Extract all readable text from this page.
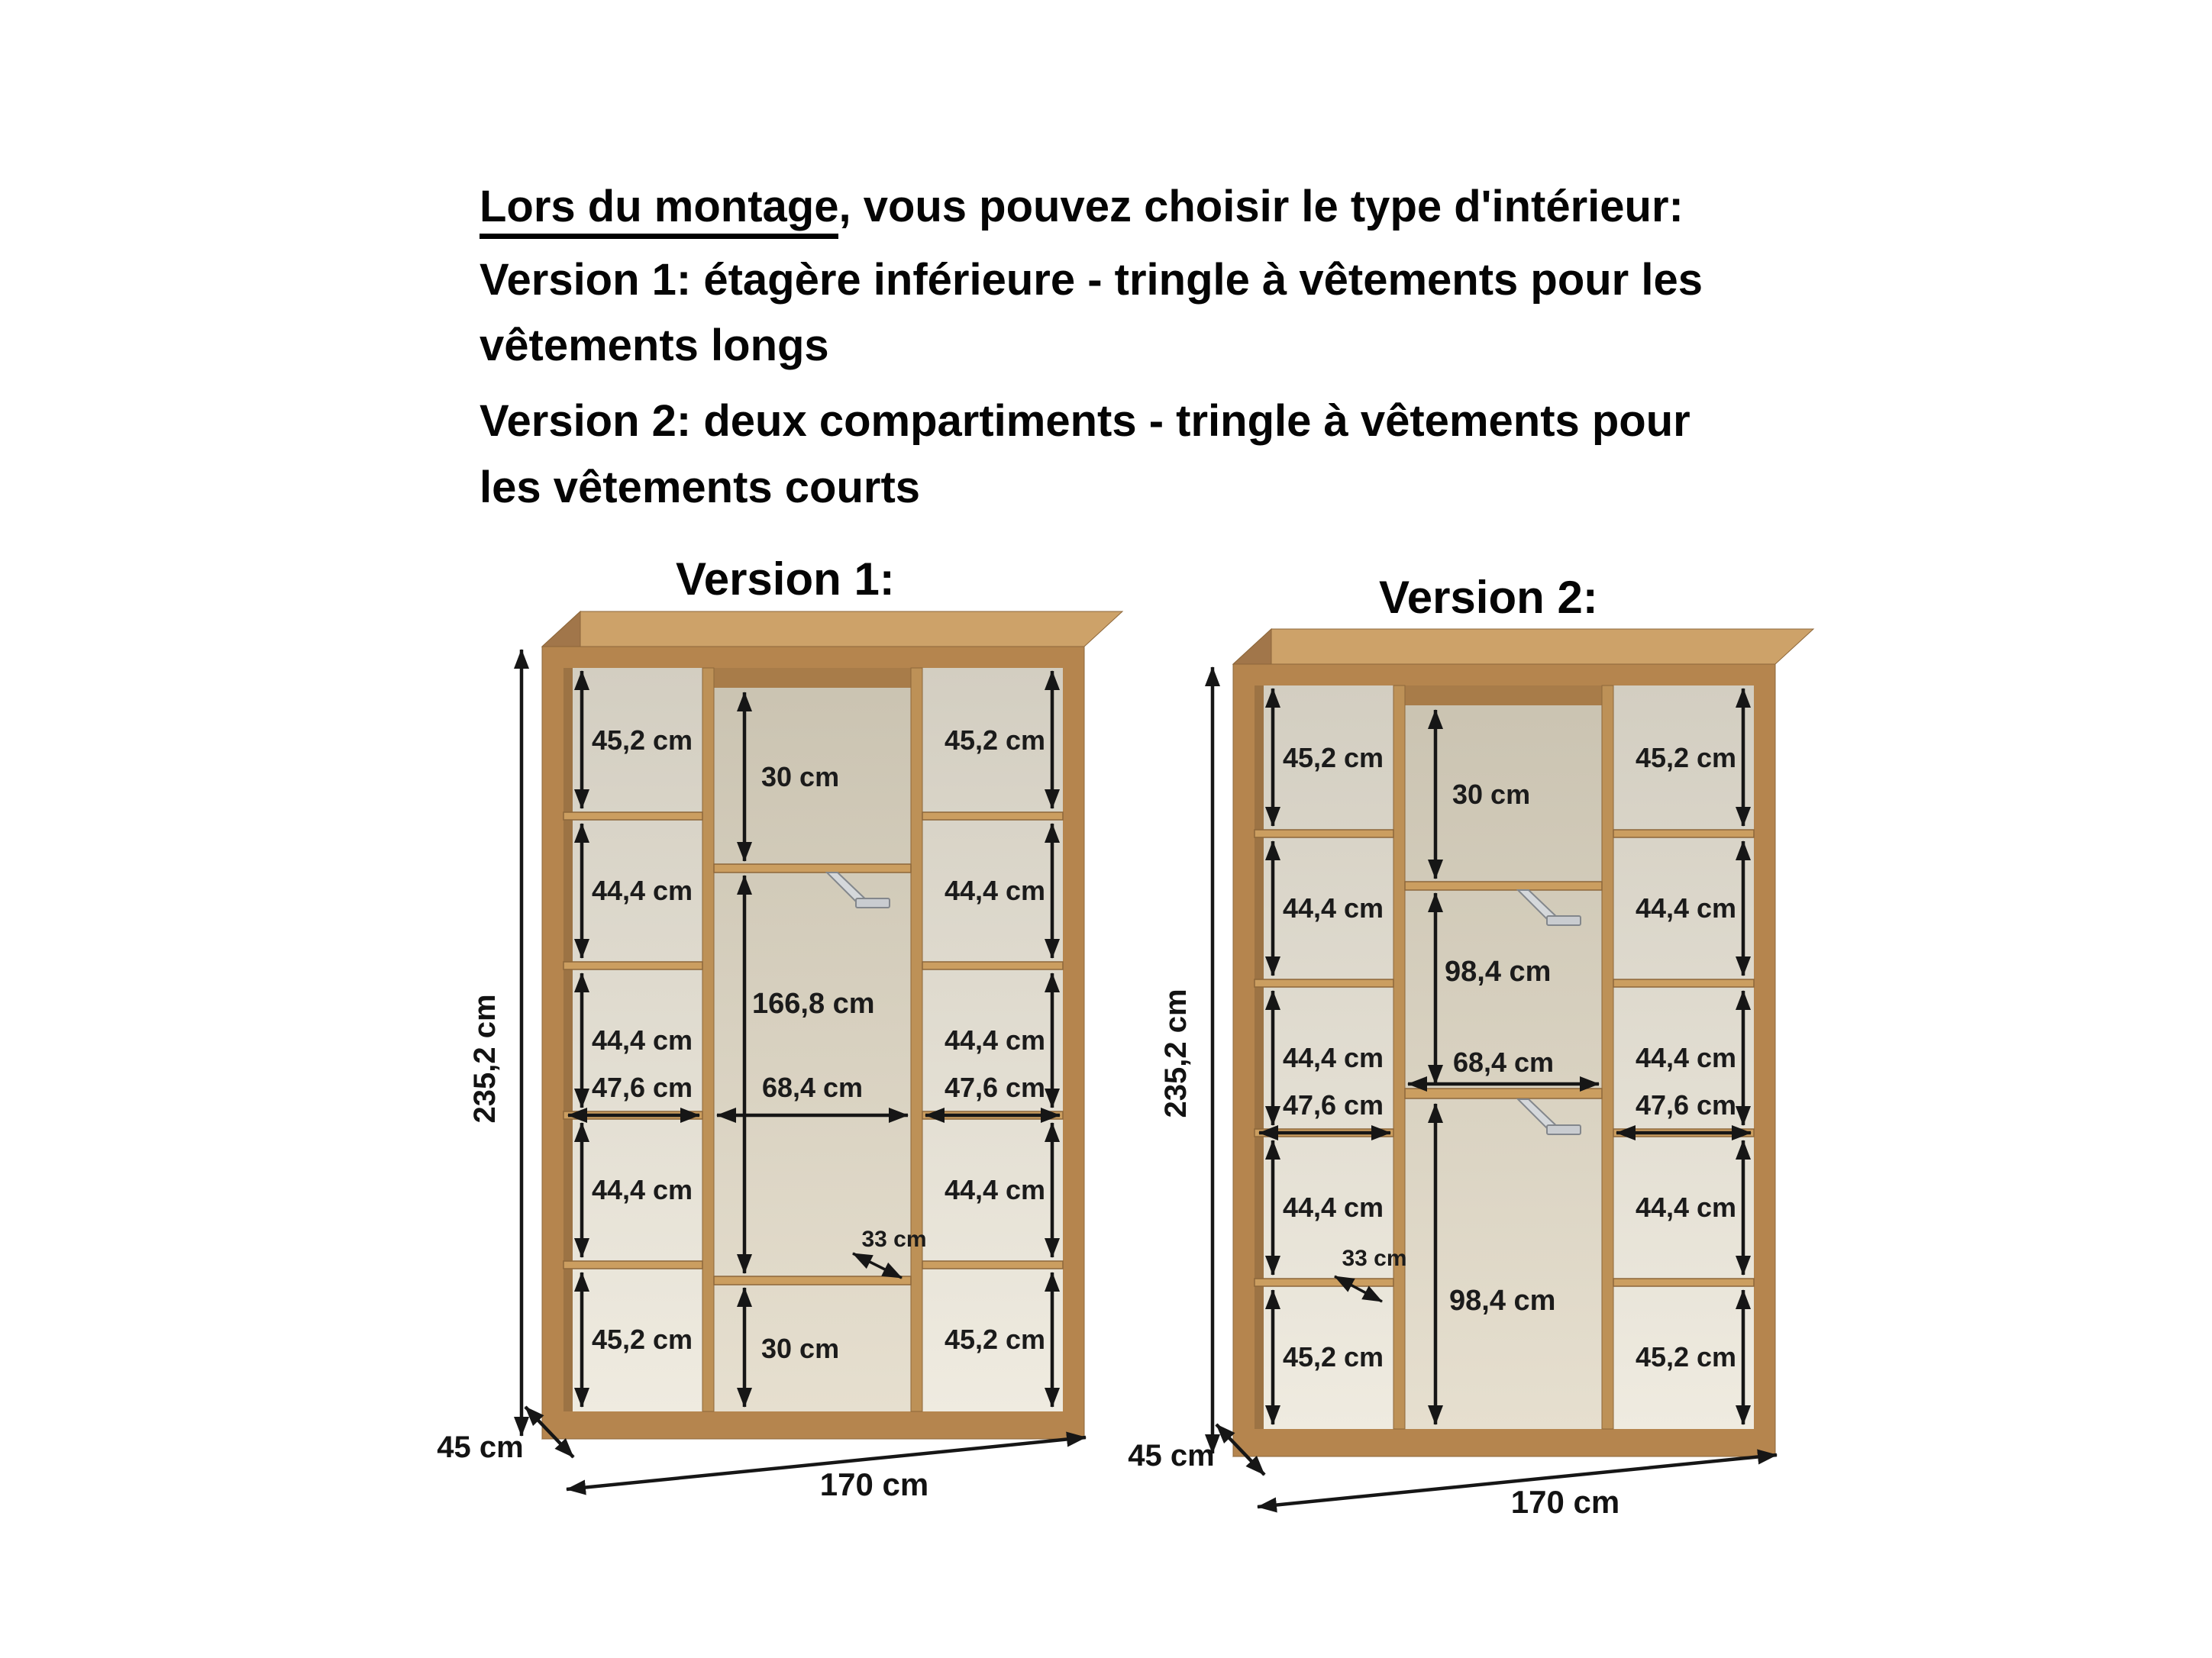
Lors du montage, vous pouvez choisir le type d'intérieur:
Version 1: étagère inférieure - tringle à vêtements pour les
vêtements longs
Version 2: deux compartiments - tringle à vêtements pour
les vêtements courts
Version 1:	Version 2:
235,2 cm
45 cm
170 cm
45,2 cm
44,4 cm
44,4 cm
44,4 cm
45,2 cm
47,6 cm
45,2 cm
44,4 cm
44,4 cm
44,4 cm
45,2 cm
47,6 cm
30 cm
166,8 cm
68,4 cm
33 cm
30 cm
235,2 cm
45 cm
170 cm
45,2 cm
44,4 cm
44,4 cm
44,4 cm
45,2 cm
47,6 cm
33 cm
45,2 cm
44,4 cm
44,4 cm
44,4 cm
45,2 cm
47,6 cm
30 cm
98,4 cm
68,4 cm
98,4 cm
